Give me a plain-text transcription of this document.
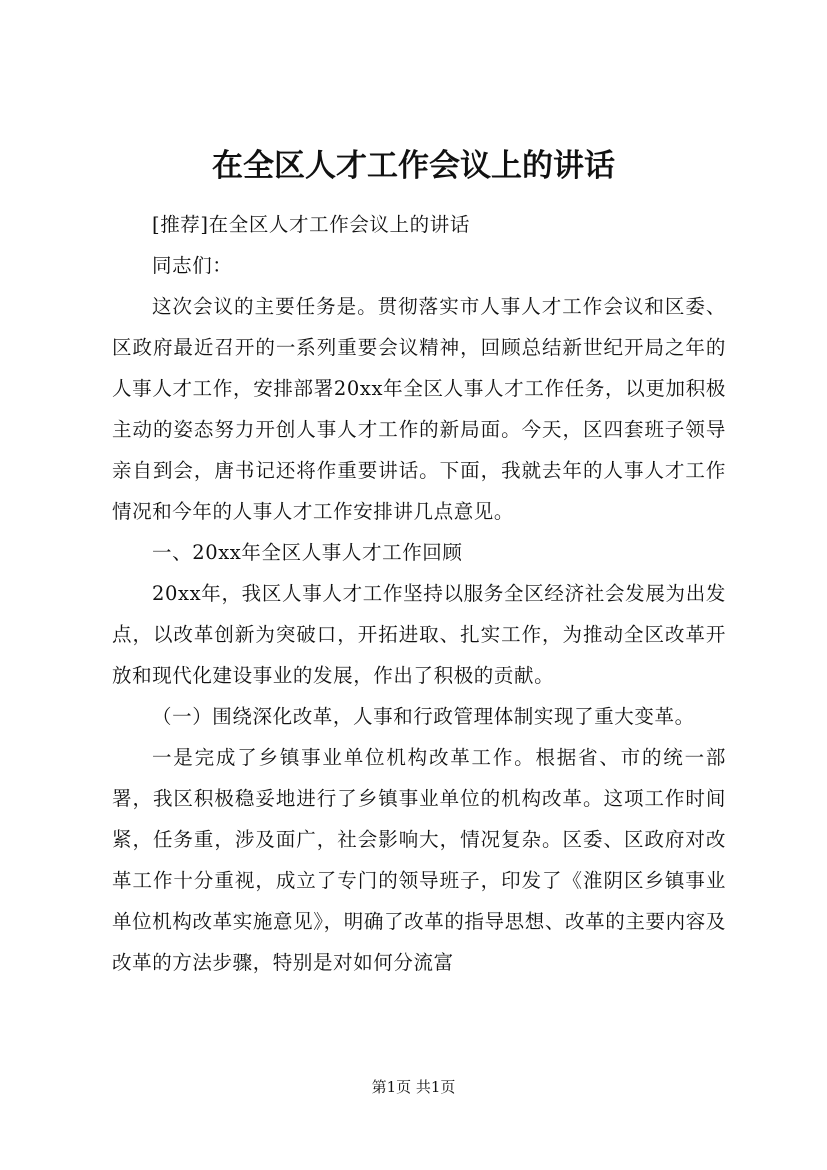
在全区人才工作会议上的讲话

[推荐]在全区人才工作会议上的讲话

同志们：

这次会议的主要任务是。贯彻落实市人事人才工作会议和区委、区政府最近召开的一系列重要会议精神，回顾总结新世纪开局之年的人事人才工作，安排部署20xx年全区人事人才工作任务，以更加积极主动的姿态努力开创人事人才工作的新局面。今天，区四套班子领导亲自到会，唐书记还将作重要讲话。下面，我就去年的人事人才工作情况和今年的人事人才工作安排讲几点意见。

一、20xx年全区人事人才工作回顾

20xx年，我区人事人才工作坚持以服务全区经济社会发展为出发点，以改革创新为突破口，开拓进取、扎实工作，为推动全区改革开放和现代化建设事业的发展，作出了积极的贡献。

（一）围绕深化改革，人事和行政管理体制实现了重大变革。

一是完成了乡镇事业单位机构改革工作。根据省、市的统一部署，我区积极稳妥地进行了乡镇事业单位的机构改革。这项工作时间紧，任务重，涉及面广，社会影响大，情况复杂。区委、区政府对改革工作十分重视，成立了专门的领导班子，印发了《淮阴区乡镇事业单位机构改革实施意见》，明确了改革的指导思想、改革的主要内容及改革的方法步骤，特别是对如何分流富

第1页 共1页
